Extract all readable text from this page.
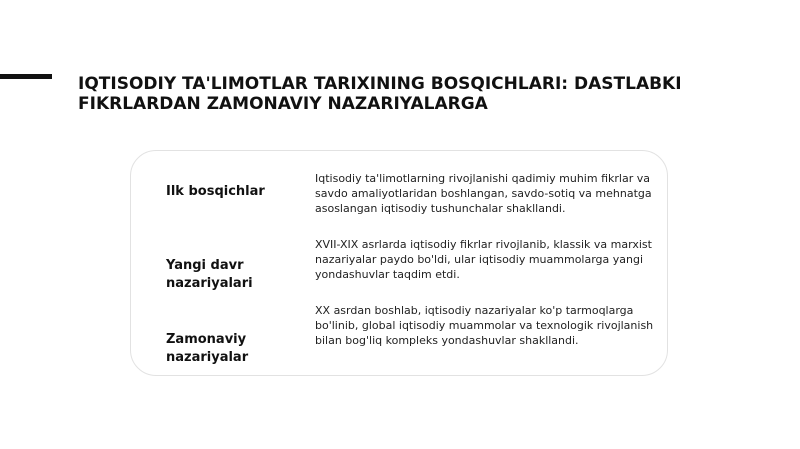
IQTISODIY TA'LIMOTLAR TARIXINING BOSQICHLARI: DASTLABKI FIKRLARDAN ZAMONAVIY NAZARIYALARGA
Ilk bosqichlar
Iqtisodiy ta'limotlarning rivojlanishi qadimiy muhim fikrlar va savdo amaliyotlaridan boshlangan, savdo-sotiq va mehnatga asoslangan iqtisodiy tushunchalar shakllandi.
Yangi davr nazariyalari
XVII-XIX asrlarda iqtisodiy fikrlar rivojlanib, klassik va marxist nazariyalar paydo bo'ldi, ular iqtisodiy muammolarga yangi yondashuvlar taqdim etdi.
Zamonaviy nazariyalar
XX asrdan boshlab, iqtisodiy nazariyalar ko'p tarmoqlarga bo'linib, global iqtisodiy muammolar va texnologik rivojlanish bilan bog'liq kompleks yondashuvlar shakllandi.
